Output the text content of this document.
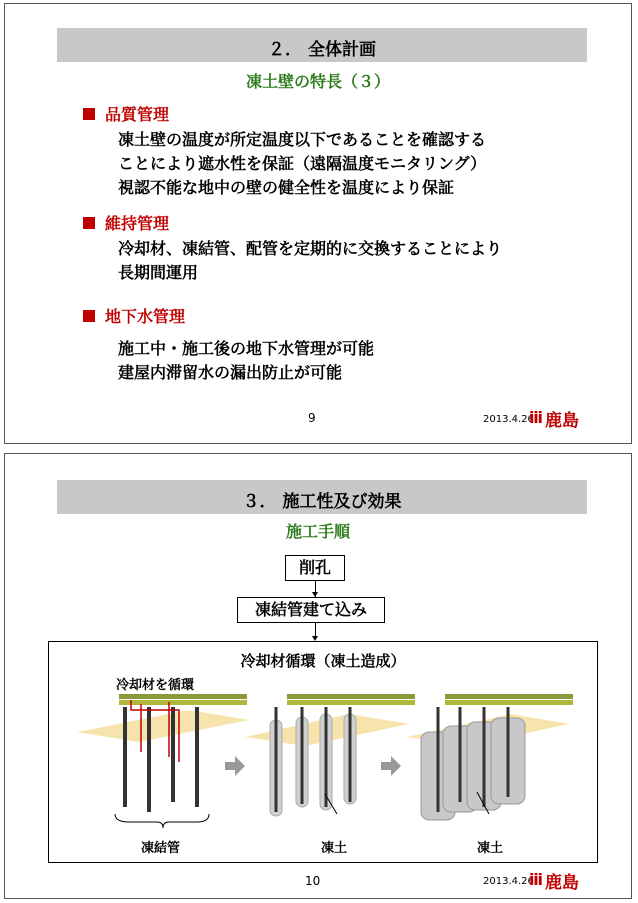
２． 全体計画
凍土壁の特長（３）
品質管理
凍土壁の温度が所定温度以下であることを確認する
ことにより遮水性を保証（遠隔温度モニタリング）
視認不能な地中の壁の健全性を温度により保証
維持管理
冷却材、凍結管、配管を定期的に交換することにより
長期間運用
地下水管理
施工中・施工後の地下水管理が可能
建屋内滞留水の漏出防止が可能
9	2013.4.26
ⅲ 鹿島
３． 施工性及び効果
施工手順
削孔
凍結管建て込み
冷却材循環（凍土造成）
冷却材を循環
凍結管	凍土	凍土
10	2013.4.26
ⅲ 鹿島
